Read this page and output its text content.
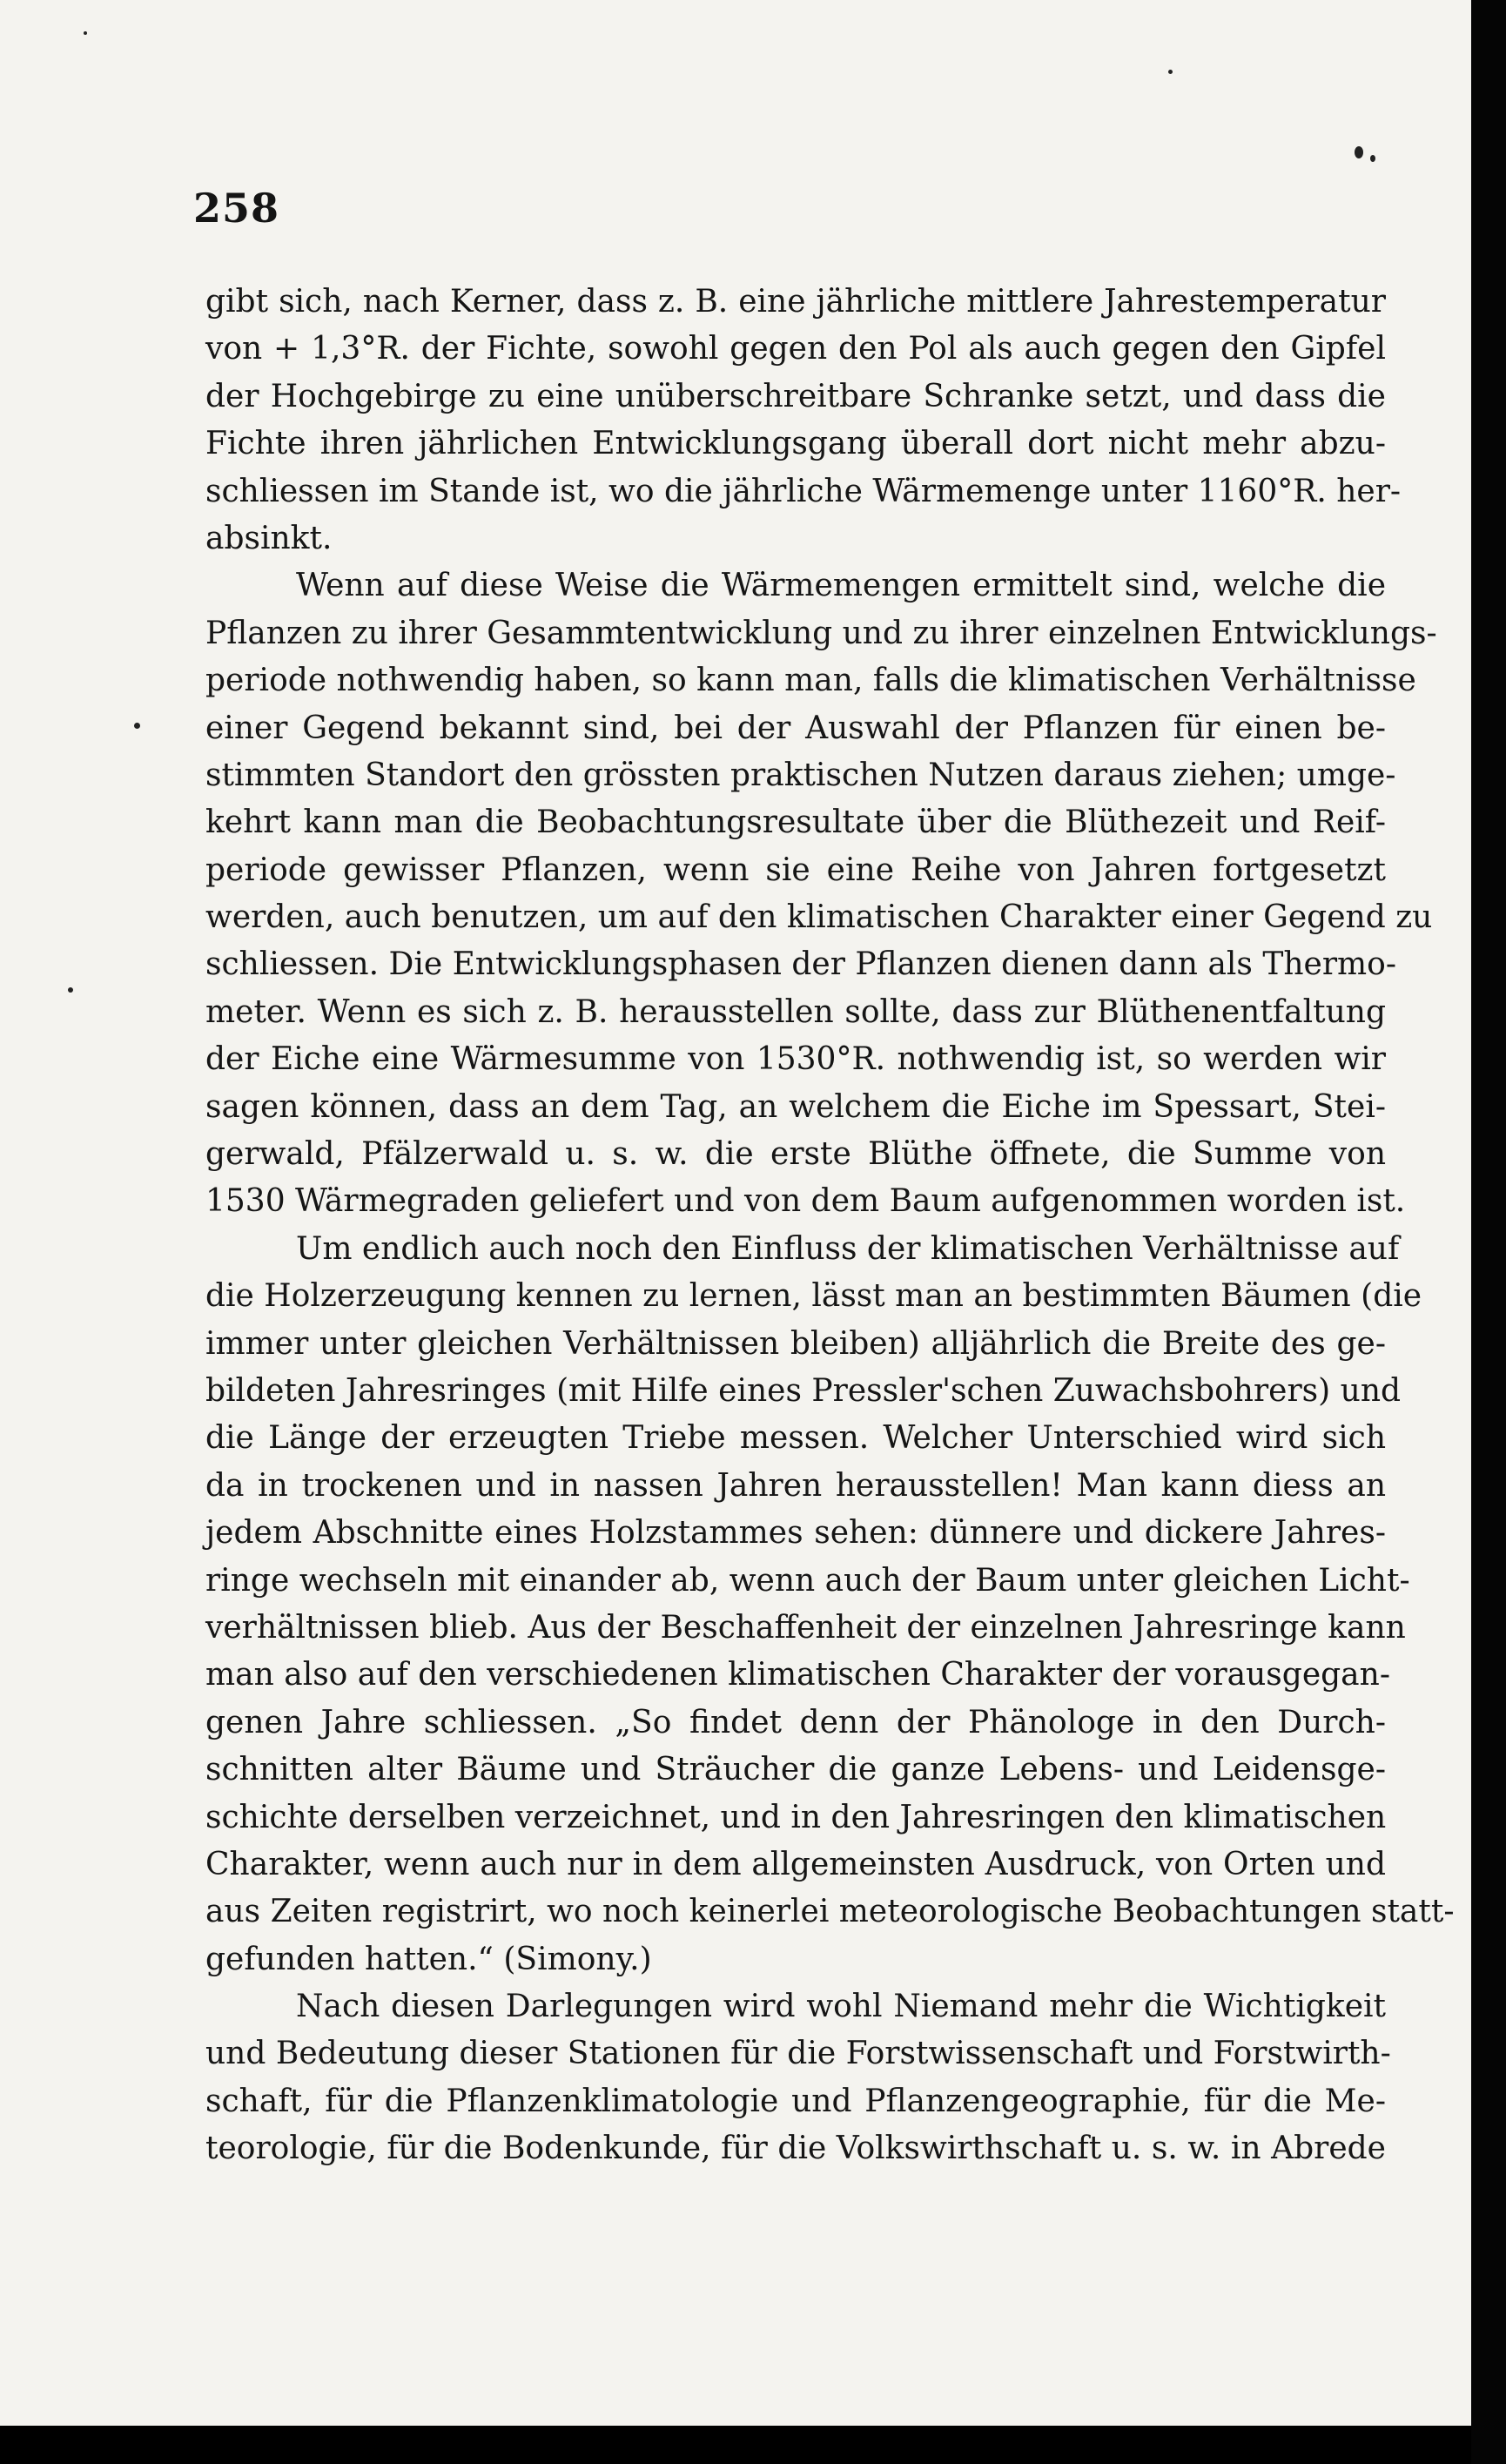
258
gibt sich, nach Kerner, dass z. B. eine jährliche mittlere Jahrestemperatur
von + 1,3°R. der Fichte, sowohl gegen den Pol als auch gegen den Gipfel
der Hochgebirge zu eine unüberschreitbare Schranke setzt, und dass die
Fichte ihren jährlichen Entwicklungsgang überall dort nicht mehr abzu-
schliessen im Stande ist, wo die jährliche Wärmemenge unter 1160°R. her-
absinkt.
Wenn auf diese Weise die Wärmemengen ermittelt sind, welche die
Pflanzen zu ihrer Gesammtentwicklung und zu ihrer einzelnen Entwicklungs-
periode nothwendig haben, so kann man, falls die klimatischen Verhältnisse
einer Gegend bekannt sind, bei der Auswahl der Pflanzen für einen be-
stimmten Standort den grössten praktischen Nutzen daraus ziehen; umge-
kehrt kann man die Beobachtungsresultate über die Blüthezeit und Reif-
periode gewisser Pflanzen, wenn sie eine Reihe von Jahren fortgesetzt
werden, auch benutzen, um auf den klimatischen Charakter einer Gegend zu
schliessen. Die Entwicklungsphasen der Pflanzen dienen dann als Thermo-
meter. Wenn es sich z. B. herausstellen sollte, dass zur Blüthenentfaltung
der Eiche eine Wärmesumme von 1530°R. nothwendig ist, so werden wir
sagen können, dass an dem Tag, an welchem die Eiche im Spessart, Stei-
gerwald, Pfälzerwald u. s. w. die erste Blüthe öffnete, die Summe von
1530 Wärmegraden geliefert und von dem Baum aufgenommen worden ist.
Um endlich auch noch den Einfluss der klimatischen Verhältnisse auf
die Holzerzeugung kennen zu lernen, lässt man an bestimmten Bäumen (die
immer unter gleichen Verhältnissen bleiben) alljährlich die Breite des ge-
bildeten Jahresringes (mit Hilfe eines Pressler'schen Zuwachsbohrers) und
die Länge der erzeugten Triebe messen. Welcher Unterschied wird sich
da in trockenen und in nassen Jahren herausstellen! Man kann diess an
jedem Abschnitte eines Holzstammes sehen: dünnere und dickere Jahres-
ringe wechseln mit einander ab, wenn auch der Baum unter gleichen Licht-
verhältnissen blieb. Aus der Beschaffenheit der einzelnen Jahresringe kann
man also auf den verschiedenen klimatischen Charakter der vorausgegan-
genen Jahre schliessen. „So findet denn der Phänologe in den Durch-
schnitten alter Bäume und Sträucher die ganze Lebens- und Leidensge-
schichte derselben verzeichnet, und in den Jahresringen den klimatischen
Charakter, wenn auch nur in dem allgemeinsten Ausdruck, von Orten und
aus Zeiten registrirt, wo noch keinerlei meteorologische Beobachtungen statt-
gefunden hatten.“ (Simony.)
Nach diesen Darlegungen wird wohl Niemand mehr die Wichtigkeit
und Bedeutung dieser Stationen für die Forstwissenschaft und Forstwirth-
schaft, für die Pflanzenklimatologie und Pflanzengeographie, für die Me-
teorologie, für die Bodenkunde, für die Volkswirthschaft u. s. w. in Abrede
